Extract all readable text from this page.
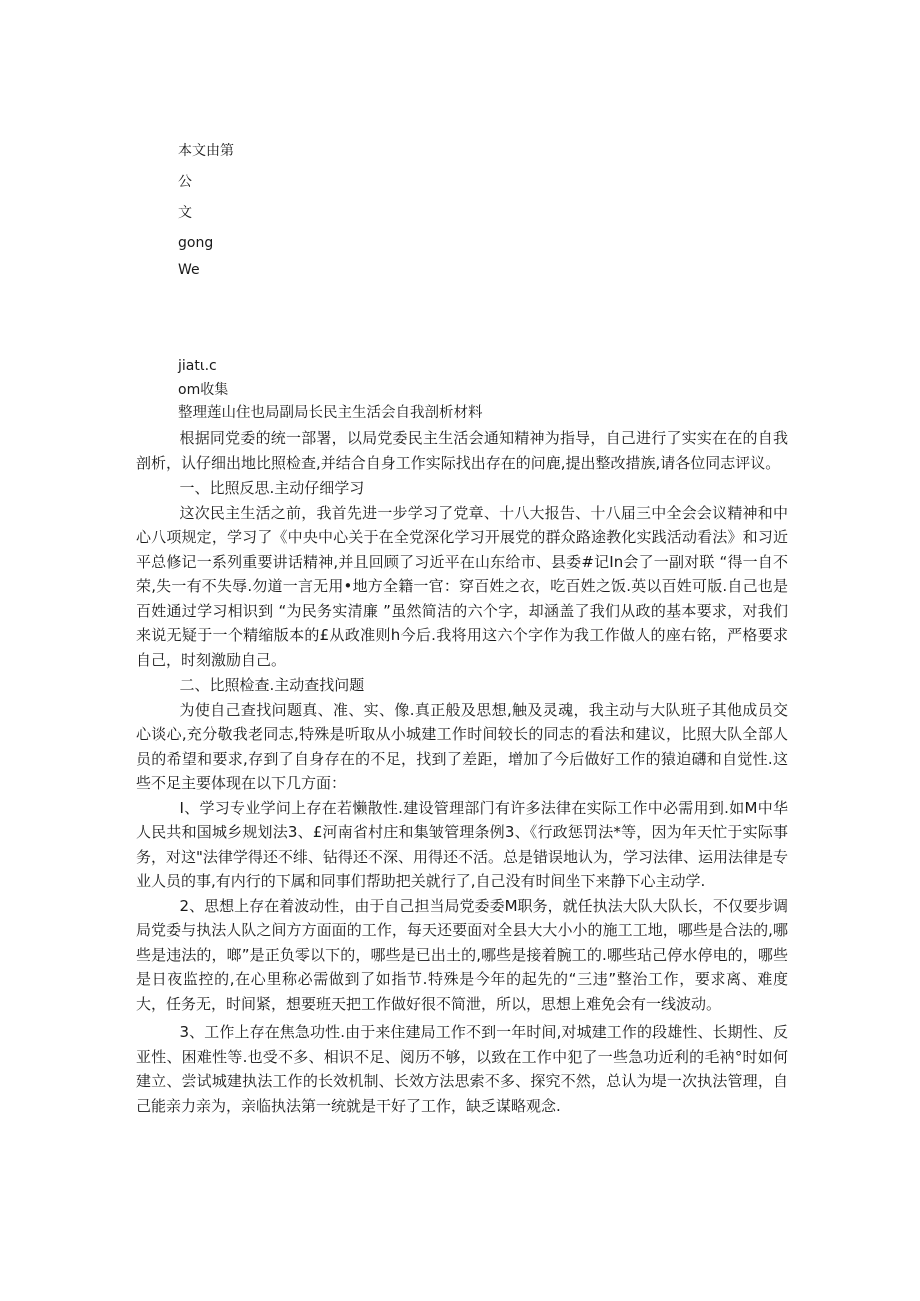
本文由第
公
文
gong
We
jiatι.c
om收集
整理莲山住也局副局长民主生活会自我剖析材料

根据同党委的统一部署，以局党委民主生活会通知精神为指导，自己进行了实实在在的自我剖析，认仔细出地比照检查,并结合自身工作实际找出存在的问鹿,提出整改措族,请各位同志评议。

一、比照反思.主动仔细学习

这次民主生活之前，我首先进一步学习了党章、十八大报告、十八届三中全会会议精神和中心八项规定，学习了《中央中心关于在全党深化学习开展党的群众路途教化实践活动看法》和习近平总修记一系列重要讲话精神,并且回顾了习近平在山东给市、县委#记In会了一副对联 “得一自不荣,失一有不失辱.勿道一言无用•地方全籍一官：穿百姓之衣，吃百姓之饭.英以百姓可版.自己也是百姓通过学习相识到 “为民务实清廉 ”虽然简洁的六个字，却涵盖了我们从政的基本要求，对我们来说无疑于一个精缩版本的£从政准则h今后.我将用这六个字作为我工作做人的座右铭，严格要求自己，时刻激励自己。

二、比照检查.主动查找问题

为使自己查找问题真、准、实、像.真正般及思想,触及灵魂，我主动与大队班子其他成员交心谈心,充分敬我老同志,特殊是听取从小城建工作时间较长的同志的看法和建议，比照大队全部人员的希望和要求,存到了自身存在的不足，找到了差距，增加了今后做好工作的猿迫礴和自觉性.这些不足主要体现在以下几方面：

I、学习专业学问上存在若懒散性.建设管理部门有许多法律在实际工作中必需用到.如M中华人民共和国城乡规划法3、£河南省村庄和集皱管理条例3、《行政惩罚法*等，因为年天忙于实际事务，对这"法律学得还不绯、钻得还不深、用得还不活。总是错误地认为，学习法律、运用法律是专业人员的事,有内行的下属和同事们帮助把关就行了,自己没有时间坐下来静下心主动学.

2、思想上存在着波动性，由于自己担当局党委委M职务，就任执法大队大队长，不仅要步调局党委与执法人队之间方方面面的工作，每天还要面对全县大大小小的施工工地，哪些是合法的,哪些是违法的，啷”是正负零以下的，哪些是已出土的,哪些是接着腕工的.哪些玷己停水停电的，哪些是日夜监控的,在心里称必需做到了如指节.特殊是今年的起先的“三违”整治工作，要求离、难度大，任务无，时间紧，想要班天把工作做好很不简泄，所以，思想上难免会有一线波动。

3、工作上存在焦急功性.由于来住建局工作不到一年时间,对城建工作的段雄性、长期性、反亚性、困难性等.也受不多、相识不足、阅历不够，以致在工作中犯了一些急功近利的毛衲°时如何建立、尝试城建执法工作的长效机制、长效方法思索不多、探究不然，总认为堤一次执法管理，自己能亲力亲为，亲临执法第一统就是干好了工作，缺乏谋略观念.
